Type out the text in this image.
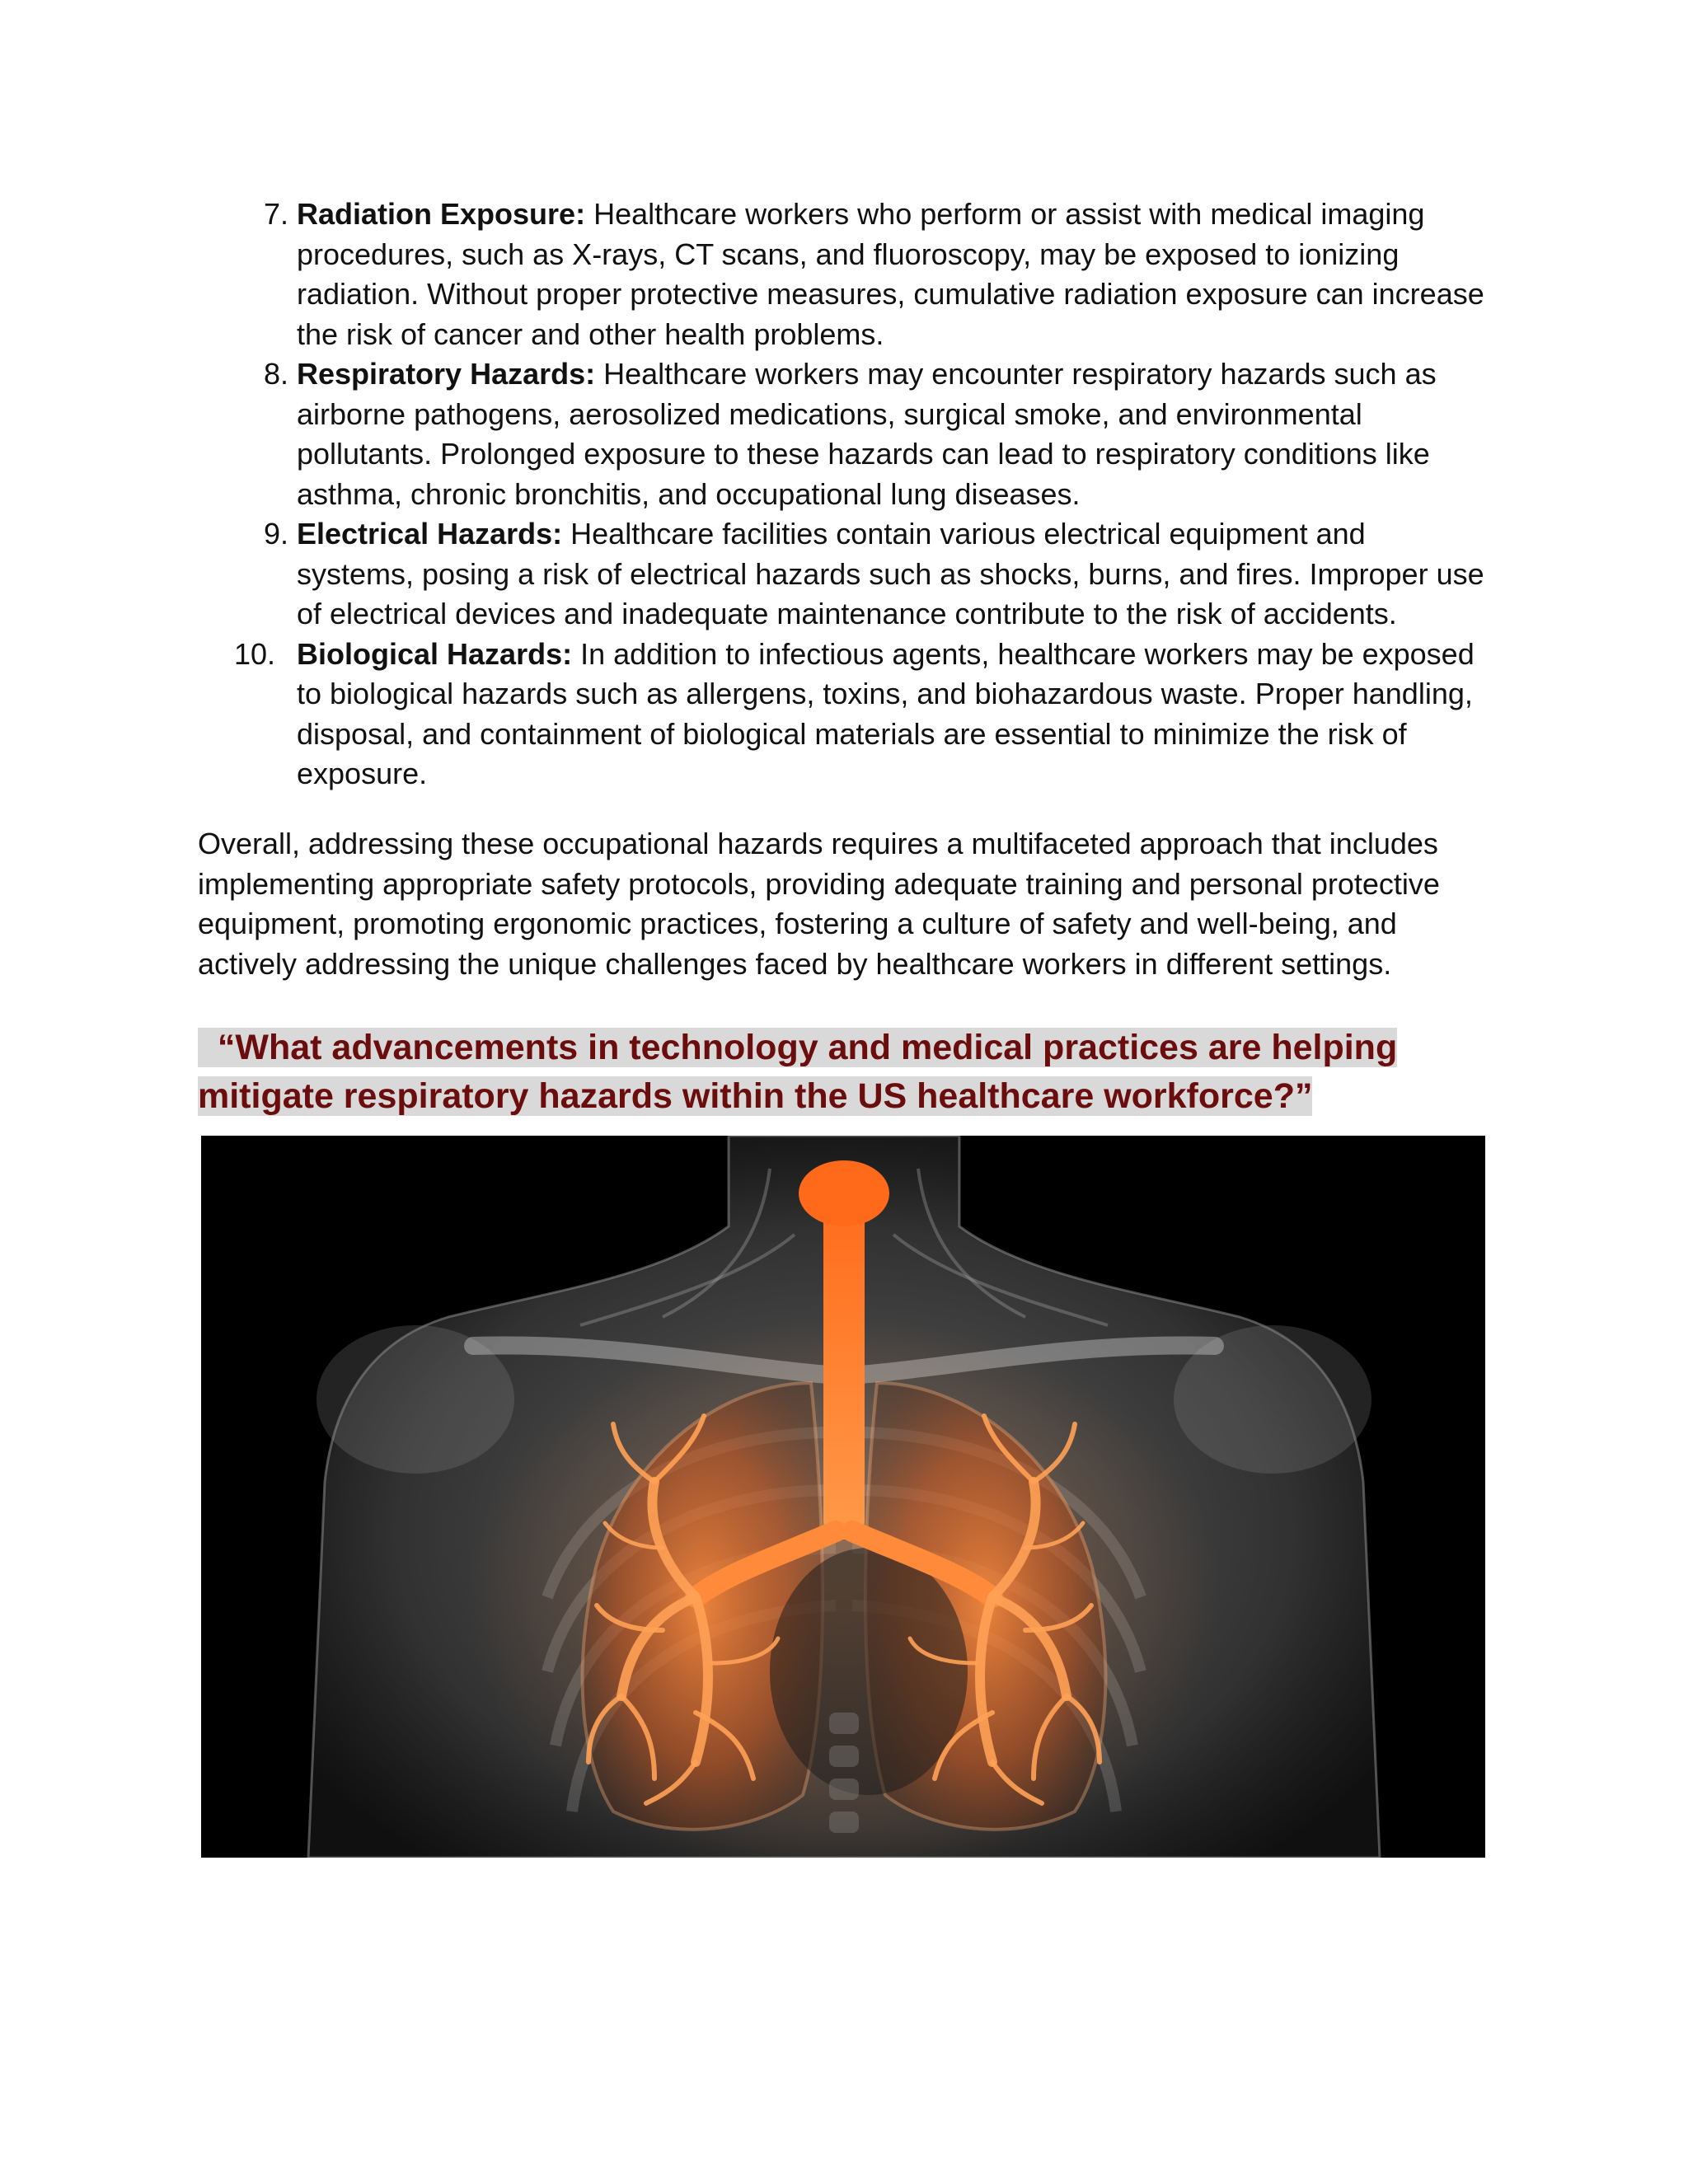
7. Radiation Exposure: Healthcare workers who perform or assist with medical imaging procedures, such as X-rays, CT scans, and fluoroscopy, may be exposed to ionizing radiation. Without proper protective measures, cumulative radiation exposure can increase the risk of cancer and other health problems.
8. Respiratory Hazards: Healthcare workers may encounter respiratory hazards such as airborne pathogens, aerosolized medications, surgical smoke, and environmental pollutants. Prolonged exposure to these hazards can lead to respiratory conditions like asthma, chronic bronchitis, and occupational lung diseases.
9. Electrical Hazards: Healthcare facilities contain various electrical equipment and systems, posing a risk of electrical hazards such as shocks, burns, and fires. Improper use of electrical devices and inadequate maintenance contribute to the risk of accidents.
10. Biological Hazards: In addition to infectious agents, healthcare workers may be exposed to biological hazards such as allergens, toxins, and biohazardous waste. Proper handling, disposal, and containment of biological materials are essential to minimize the risk of exposure.

Overall, addressing these occupational hazards requires a multifaceted approach that includes implementing appropriate safety protocols, providing adequate training and personal protective equipment, promoting ergonomic practices, fostering a culture of safety and well-being, and actively addressing the unique challenges faced by healthcare workers in different settings.

“What advancements in technology and medical practices are helping mitigate respiratory hazards within the US healthcare workforce?”
